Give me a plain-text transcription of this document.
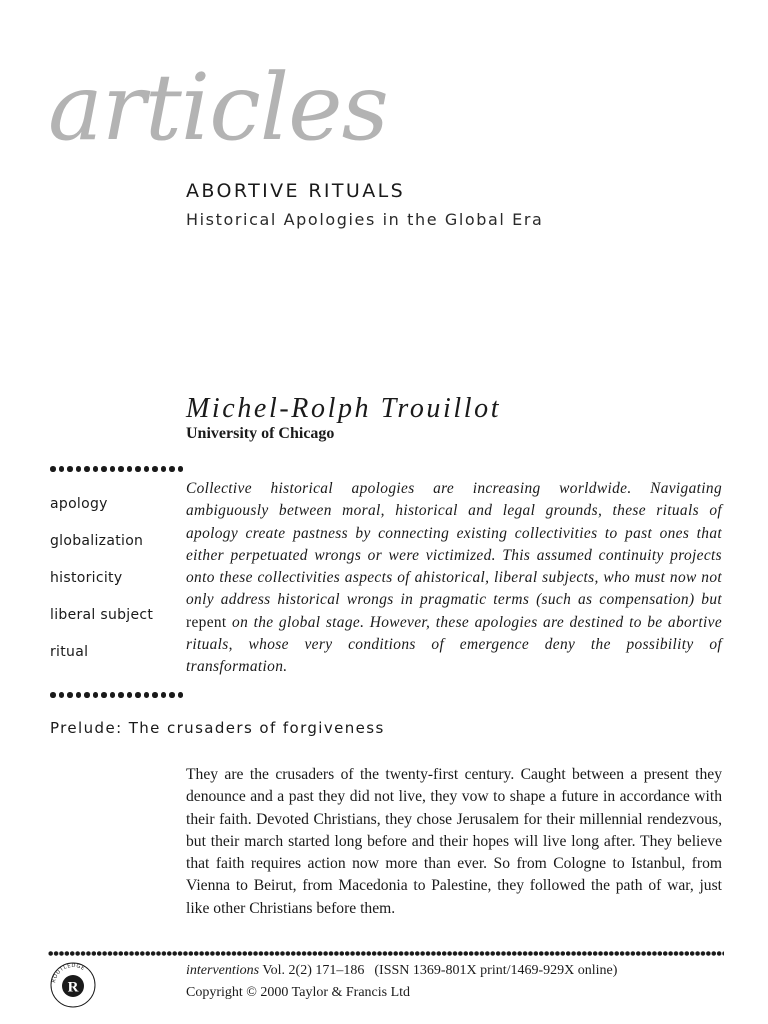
articles
ABORTIVE RITUALS
Historical Apologies in the Global Era
Michel-Rolph Trouillot
University of Chicago
apology
globalization
historicity
liberal subject
ritual

Collective historical apologies are increasing worldwide. Navigating ambiguously between moral, historical and legal grounds, these rituals of apology create pastness by connecting existing collectivities to past ones that either perpetuated wrongs or were victimized. This assumed continuity projects onto these collectivities aspects of ahistorical, liberal subjects, who must now not only address historical wrongs in pragmatic terms (such as compensation) but repent on the global stage. However, these apologies are destined to be abortive rituals, whose very conditions of emergence deny the possibility of transformation.

Prelude: The crusaders of forgiveness

They are the crusaders of the twenty-first century. Caught between a present they denounce and a past they did not live, they vow to shape a future in accordance with their faith. Devoted Christians, they chose Jerusalem for their millennial rendezvous, but their march started long before and their hopes will live long after. They believe that faith requires action now more than ever. So from Cologne to Istanbul, from Vienna to Beirut, from Macedonia to Palestine, they followed the path of war, just like other Christians before them.

ROUTLEDGE
R
interventions Vol. 2(2) 171–186 (ISSN 1369-801X print/1469-929X online)
Copyright © 2000 Taylor & Francis Ltd
